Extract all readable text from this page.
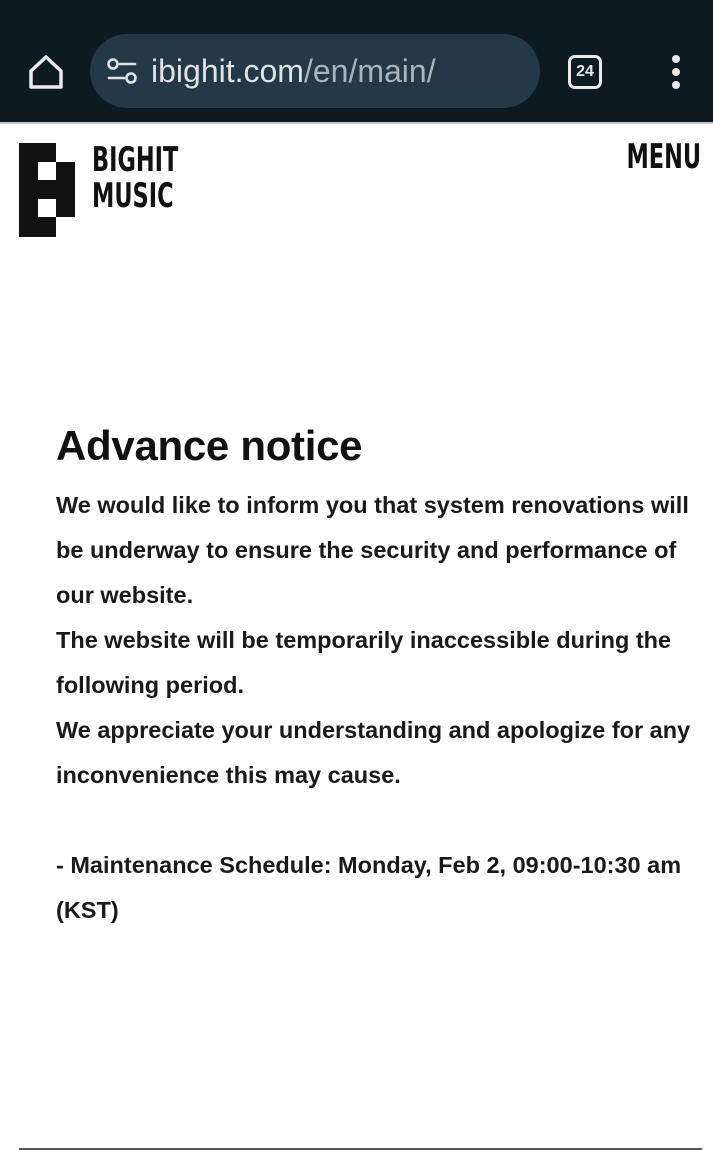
ibighit.com/en/main/	24
BIGHIT
MUSIC
MENU
Advance notice

We would like to inform you that system renovations will be underway to ensure the security and performance of our website.

The website will be temporarily inaccessible during the following period.

We appreciate your understanding and apologize for any inconvenience this may cause.

- Maintenance Schedule: Monday, Feb 2, 09:00-10:30 am (KST)
